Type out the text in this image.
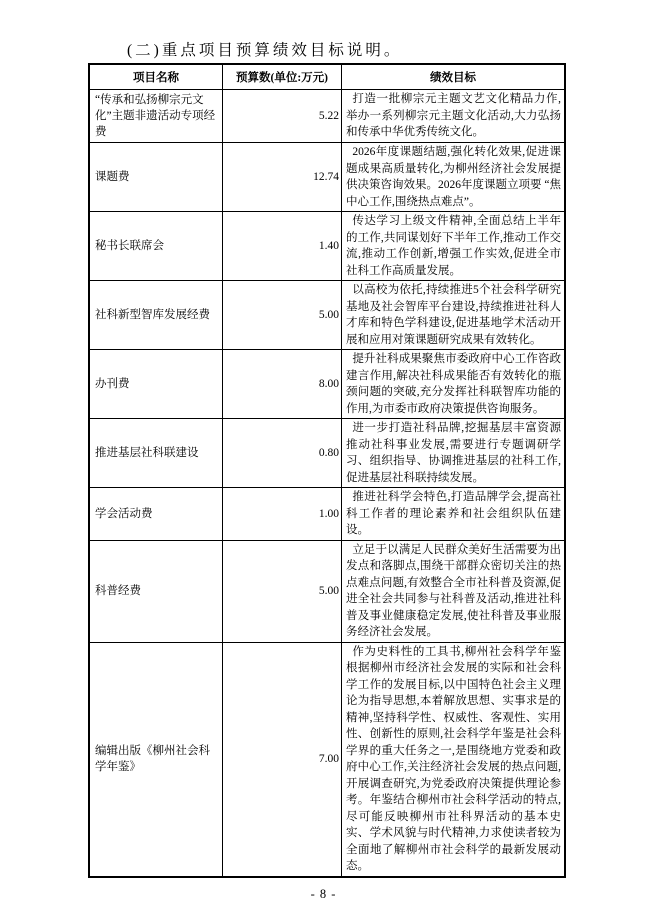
(二)重点项目预算绩效目标说明。
项目名称	预算数(单位:万元)	绩效目标
“传承和弘扬柳宗元文化”主题非遗活动专项经费	5.22	打造一批柳宗元主题文艺文化精品力作,举办一系列柳宗元主题文化活动,大力弘扬和传承中华优秀传统文化。
课题费	12.74	2026年度课题结题,强化转化效果,促进课题成果高质量转化,为柳州经济社会发展提供决策咨询效果。2026年度课题立项要 “焦中心工作,围绕热点难点”。
秘书长联席会	1.40	传达学习上级文件精神,全面总结上半年的工作,共同谋划好下半年工作,推动工作交流,推动工作创新,增强工作实效,促进全市社科工作高质量发展。
社科新型智库发展经费	5.00	以高校为依托,持续推进5个社会科学研究基地及社会智库平台建设,持续推进社科人才库和特色学科建设,促进基地学术活动开展和应用对策课题研究成果有效转化。
办刊费	8.00	提升社科成果聚焦市委政府中心工作咨政建言作用,解决社科成果能否有效转化的瓶颈问题的突破,充分发挥社科联智库功能的作用,为市委市政府决策提供咨询服务。
推进基层社科联建设	0.80	进一步打造社科品牌,挖掘基层丰富资源推动社科事业发展,需要进行专题调研学习、组织指导、协调推进基层的社科工作,促进基层社科联持续发展。
学会活动费	1.00	推进社科学会特色,打造品牌学会,提高社科工作者的理论素养和社会组织队伍建设。
科普经费	5.00	立足于以满足人民群众美好生活需要为出发点和落脚点,围绕干部群众密切关注的热点难点问题,有效整合全市社科普及资源,促进全社会共同参与社科普及活动,推进社科普及事业健康稳定发展,使社科普及事业服务经济社会发展。
编辑出版《柳州社会科学年鉴》	7.00	作为史料性的工具书,柳州社会科学年鉴根据柳州市经济社会发展的实际和社会科学工作的发展目标,以中国特色社会主义理论为指导思想,本着解放思想、实事求是的精神,坚持科学性、权威性、客观性、实用性、创新性的原则,社会科学年鉴是社会科学界的重大任务之一,是围绕地方党委和政府中心工作,关注经济社会发展的热点问题,开展调查研究,为党委政府决策提供理论参考。年鉴结合柳州市社会科学活动的特点,尽可能反映柳州市社科界活动的基本史实、学术风貌与时代精神,力求使读者较为全面地了解柳州市社会科学的最新发展动态。
- 8 -
